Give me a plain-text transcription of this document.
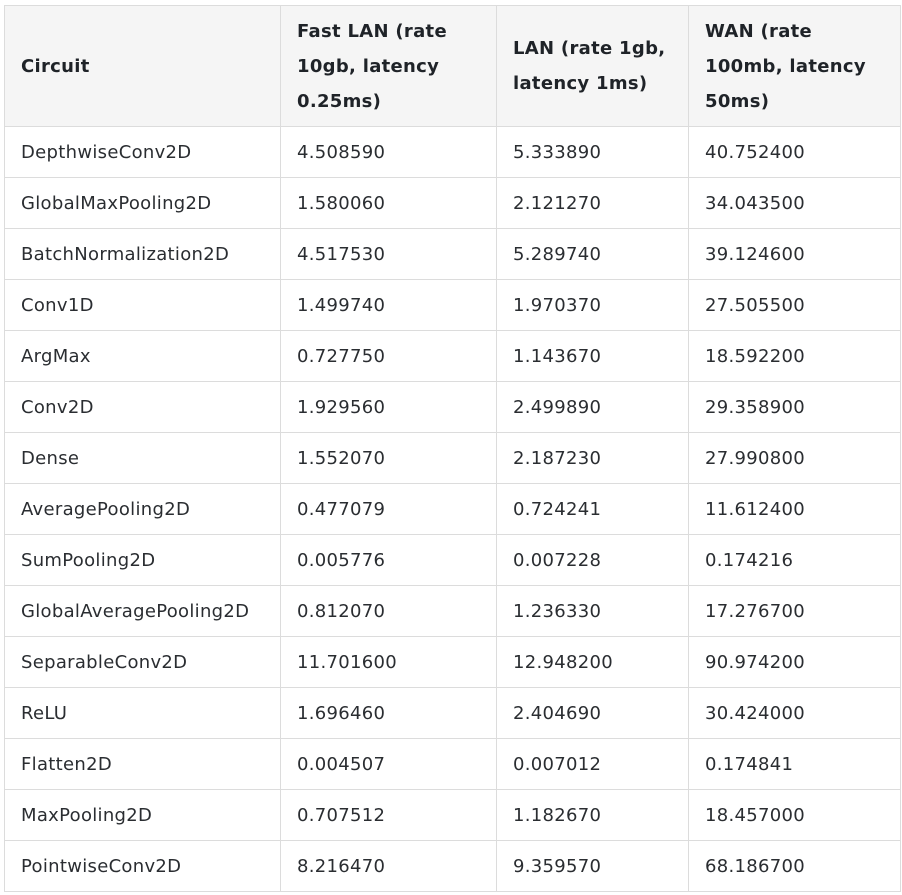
Circuit	Fast LAN (rate 10gb, latency 0.25ms)	LAN (rate 1gb, latency 1ms)	WAN (rate 100mb, latency 50ms)
DepthwiseConv2D	4.508590	5.333890	40.752400
GlobalMaxPooling2D	1.580060	2.121270	34.043500
BatchNormalization2D	4.517530	5.289740	39.124600
Conv1D	1.499740	1.970370	27.505500
ArgMax	0.727750	1.143670	18.592200
Conv2D	1.929560	2.499890	29.358900
Dense	1.552070	2.187230	27.990800
AveragePooling2D	0.477079	0.724241	11.612400
SumPooling2D	0.005776	0.007228	0.174216
GlobalAveragePooling2D	0.812070	1.236330	17.276700
SeparableConv2D	11.701600	12.948200	90.974200
ReLU	1.696460	2.404690	30.424000
Flatten2D	0.004507	0.007012	0.174841
MaxPooling2D	0.707512	1.182670	18.457000
PointwiseConv2D	8.216470	9.359570	68.186700
